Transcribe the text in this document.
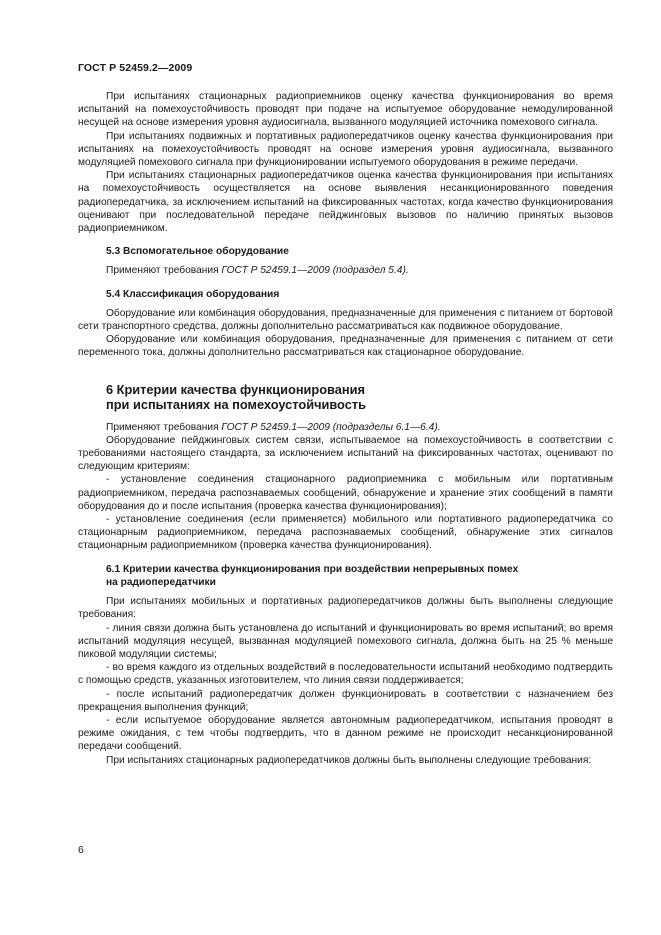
ГОСТ Р 52459.2—2009

При испытаниях стационарных радиоприемников оценку качества функционирования во время испытаний на помехоустойчивость проводят при подаче на испытуемое оборудование немодулированной несущей на основе измерения уровня аудиосигнала, вызванного модуляцией источника помехового сигнала.

При испытаниях подвижных и портативных радиопередатчиков оценку качества функционирования при испытаниях на помехоустойчивость проводят на основе измерения уровня аудиосигнала, вызванного модуляцией помехового сигнала при функционировании испытуемого оборудования в режиме передачи.

При испытаниях стационарных радиопередатчиков оценка качества функционирования при испытаниях на помехоустойчивость осуществляется на основе выявления несанкционированного поведения радиопередатчика, за исключением испытаний на фиксированных частотах, когда качество функционирования оценивают при последовательной передаче пейджинговых вызовов по наличию принятых вызовов радиоприемником.

5.3 Вспомогательное оборудование

Применяют требования ГОСТ Р 52459.1—2009 (подраздел 5.4).

5.4 Классификация оборудования

Оборудование или комбинация оборудования, предназначенные для применения с питанием от бортовой сети транспортного средства, должны дополнительно рассматриваться как подвижное оборудование.

Оборудование или комбинация оборудования, предназначенные для применения с питанием от сети переменного тока, должны дополнительно рассматриваться как стационарное оборудование.

6 Критерии качества функционирования
при испытаниях на помехоустойчивость

Применяют требования ГОСТ Р 52459.1—2009 (подразделы 6.1—6.4).

Оборудование пейджинговых систем связи, испытываемое на помехоустойчивость в соответствии с требованиями настоящего стандарта, за исключением испытаний на фиксированных частотах, оценивают по следующим критериям:

- установление соединения стационарного радиоприемника с мобильным или портативным радиоприемником, передача распознаваемых сообщений, обнаружение и хранение этих сообщений в памяти оборудования до и после испытания (проверка качества функционирования);

- установление соединения (если применяется) мобильного или портативного радиопередатчика со стационарным радиоприемником, передача распознаваемых сообщений, обнаружение этих сигналов стационарным радиоприемником (проверка качества функционирования).

6.1 Критерии качества функционирования при воздействии непрерывных помех
на радиопередатчики

При испытаниях мобильных и портативных радиопередатчиков должны быть выполнены следующие требования:

- линия связи должна быть установлена до испытаний и функционировать во время испытаний; во время испытаний модуляция несущей, вызванная модуляцией помехового сигнала, должна быть на 25 % меньше пиковой модуляции системы;

- во время каждого из отдельных воздействий в последовательности испытаний необходимо подтвердить с помощью средств, указанных изготовителем, что линия связи поддерживается;

- после испытаний радиопередатчик должен функционировать в соответствии с назначением без прекращения выполнения функций;

- если испытуемое оборудование является автономным радиопередатчиком, испытания проводят в режиме ожидания, с тем чтобы подтвердить, что в данном режиме не происходит несанкционированной передачи сообщений.

При испытаниях стационарных радиопередатчиков должны быть выполнены следующие требования:

6
